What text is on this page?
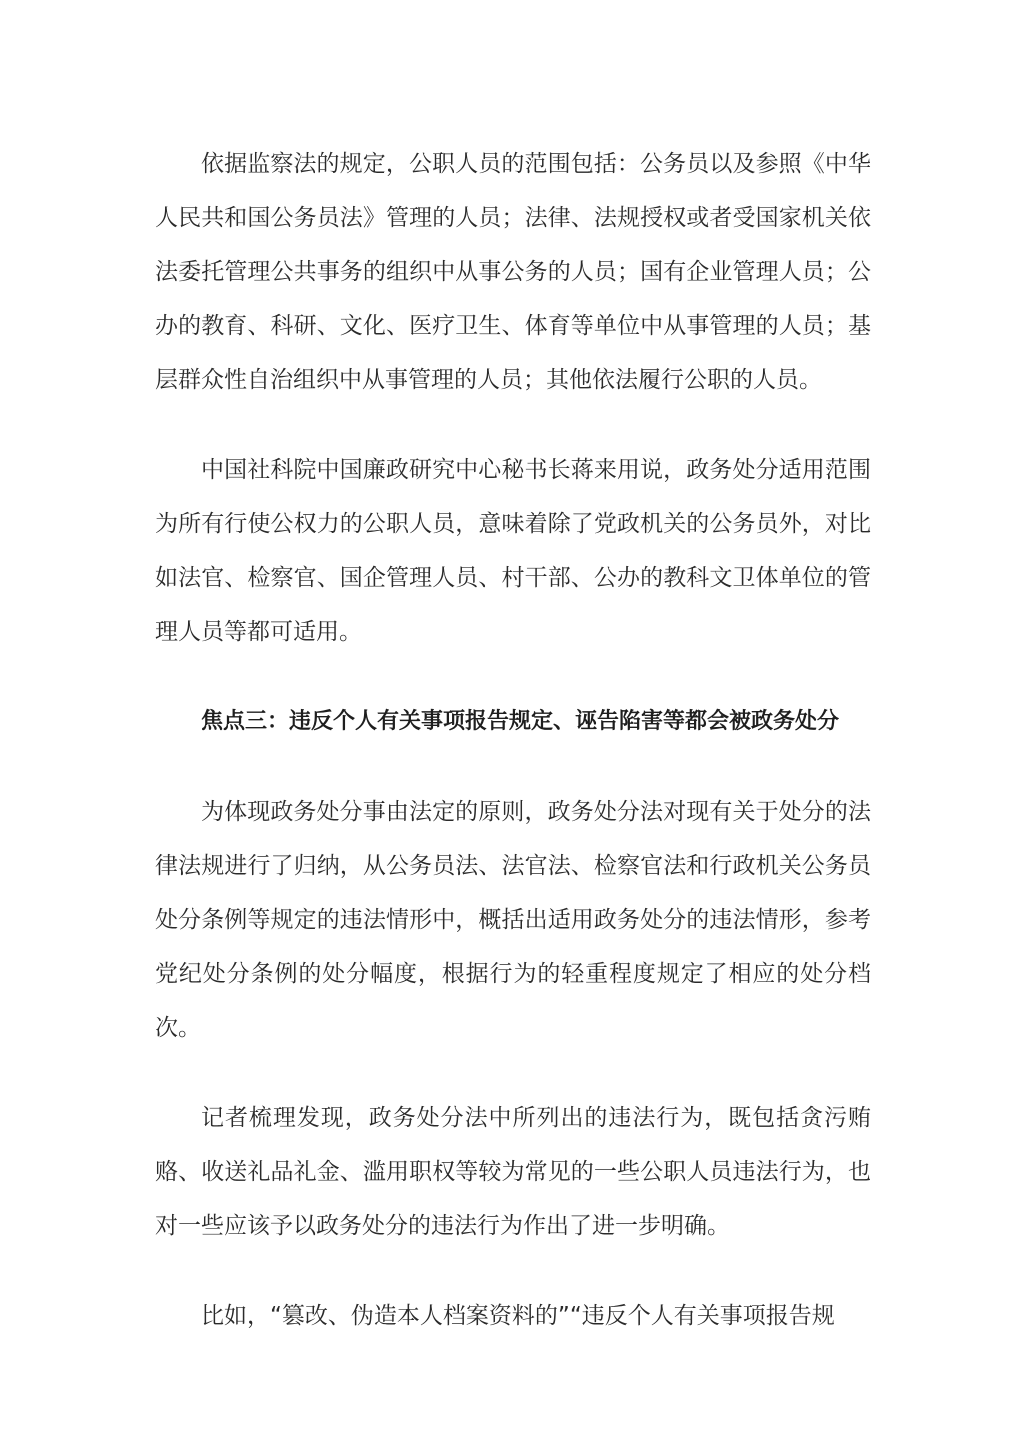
依据监察法的规定，公职人员的范围包括：公务员以及参照《中华人民共和国公务员法》管理的人员；法律、法规授权或者受国家机关依法委托管理公共事务的组织中从事公务的人员；国有企业管理人员；公办的教育、科研、文化、医疗卫生、体育等单位中从事管理的人员；基层群众性自治组织中从事管理的人员；其他依法履行公职的人员。

中国社科院中国廉政研究中心秘书长蒋来用说，政务处分适用范围为所有行使公权力的公职人员，意味着除了党政机关的公务员外，对比如法官、检察官、国企管理人员、村干部、公办的教科文卫体单位的管理人员等都可适用。

焦点三：违反个人有关事项报告规定、诬告陷害等都会被政务处分

为体现政务处分事由法定的原则，政务处分法对现有关于处分的法律法规进行了归纳，从公务员法、法官法、检察官法和行政机关公务员处分条例等规定的违法情形中，概括出适用政务处分的违法情形，参考党纪处分条例的处分幅度，根据行为的轻重程度规定了相应的处分档次。

记者梳理发现，政务处分法中所列出的违法行为，既包括贪污贿赂、收送礼品礼金、滥用职权等较为常见的一些公职人员违法行为，也对一些应该予以政务处分的违法行为作出了进一步明确。

比如，“篡改、伪造本人档案资料的”“违反个人有关事项报告规
